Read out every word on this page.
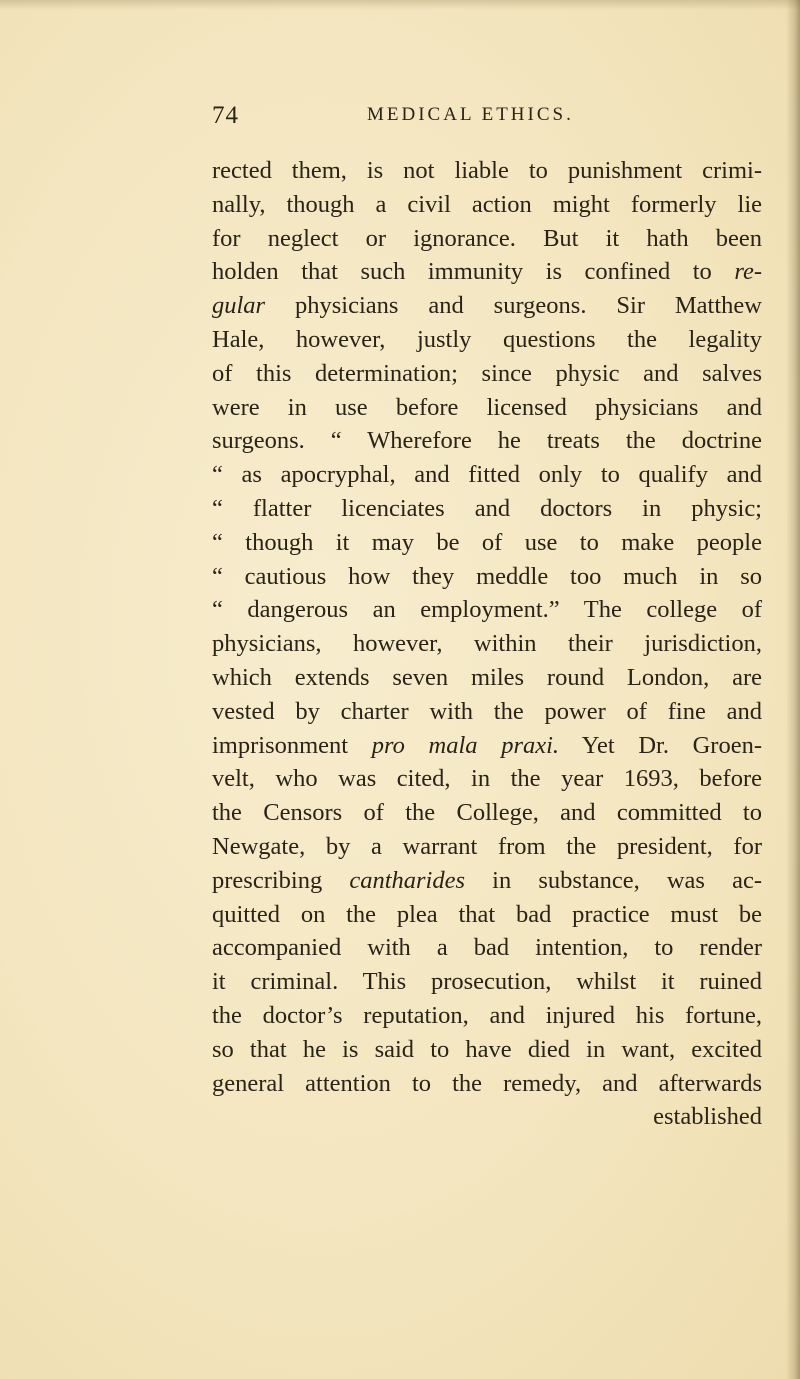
74	MEDICAL ETHICS.
rected them, is not liable to punishment crimi-
nally, though a civil action might formerly lie
for neglect or ignorance. But it hath been
holden that such immunity is confined to re-
gular physicians and surgeons. Sir Matthew
Hale, however, justly questions the legality
of this determination; since physic and salves
were in use before licensed physicians and
surgeons. “ Wherefore he treats the doctrine
“ as apocryphal, and fitted only to qualify and
“ flatter licenciates and doctors in physic;
“ though it may be of use to make people
“ cautious how they meddle too much in so
“ dangerous an employment.” The college of
physicians, however, within their jurisdiction,
which extends seven miles round London, are
vested by charter with the power of fine and
imprisonment pro mala praxi. Yet Dr. Groen-
velt, who was cited, in the year 1693, before
the Censors of the College, and committed to
Newgate, by a warrant from the president, for
prescribing cantharides in substance, was ac-
quitted on the plea that bad practice must be
accompanied with a bad intention, to render
it criminal. This prosecution, whilst it ruined
the doctor’s reputation, and injured his fortune,
so that he is said to have died in want, excited
general attention to the remedy, and afterwards
established
